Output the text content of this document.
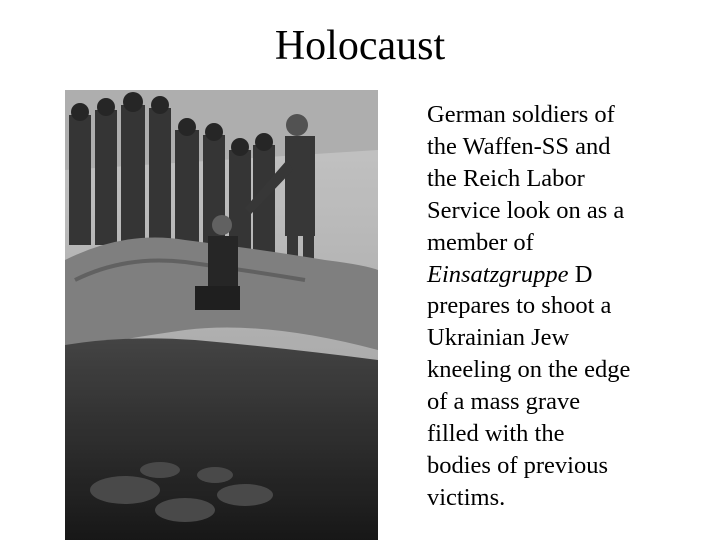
Holocaust
German soldiers of
the Waffen-SS and
the Reich Labor
Service look on as a
member of
Einsatzgruppe D
prepares to shoot a
Ukrainian Jew
kneeling on the edge
of a mass grave
filled with the
bodies of previous
victims.
